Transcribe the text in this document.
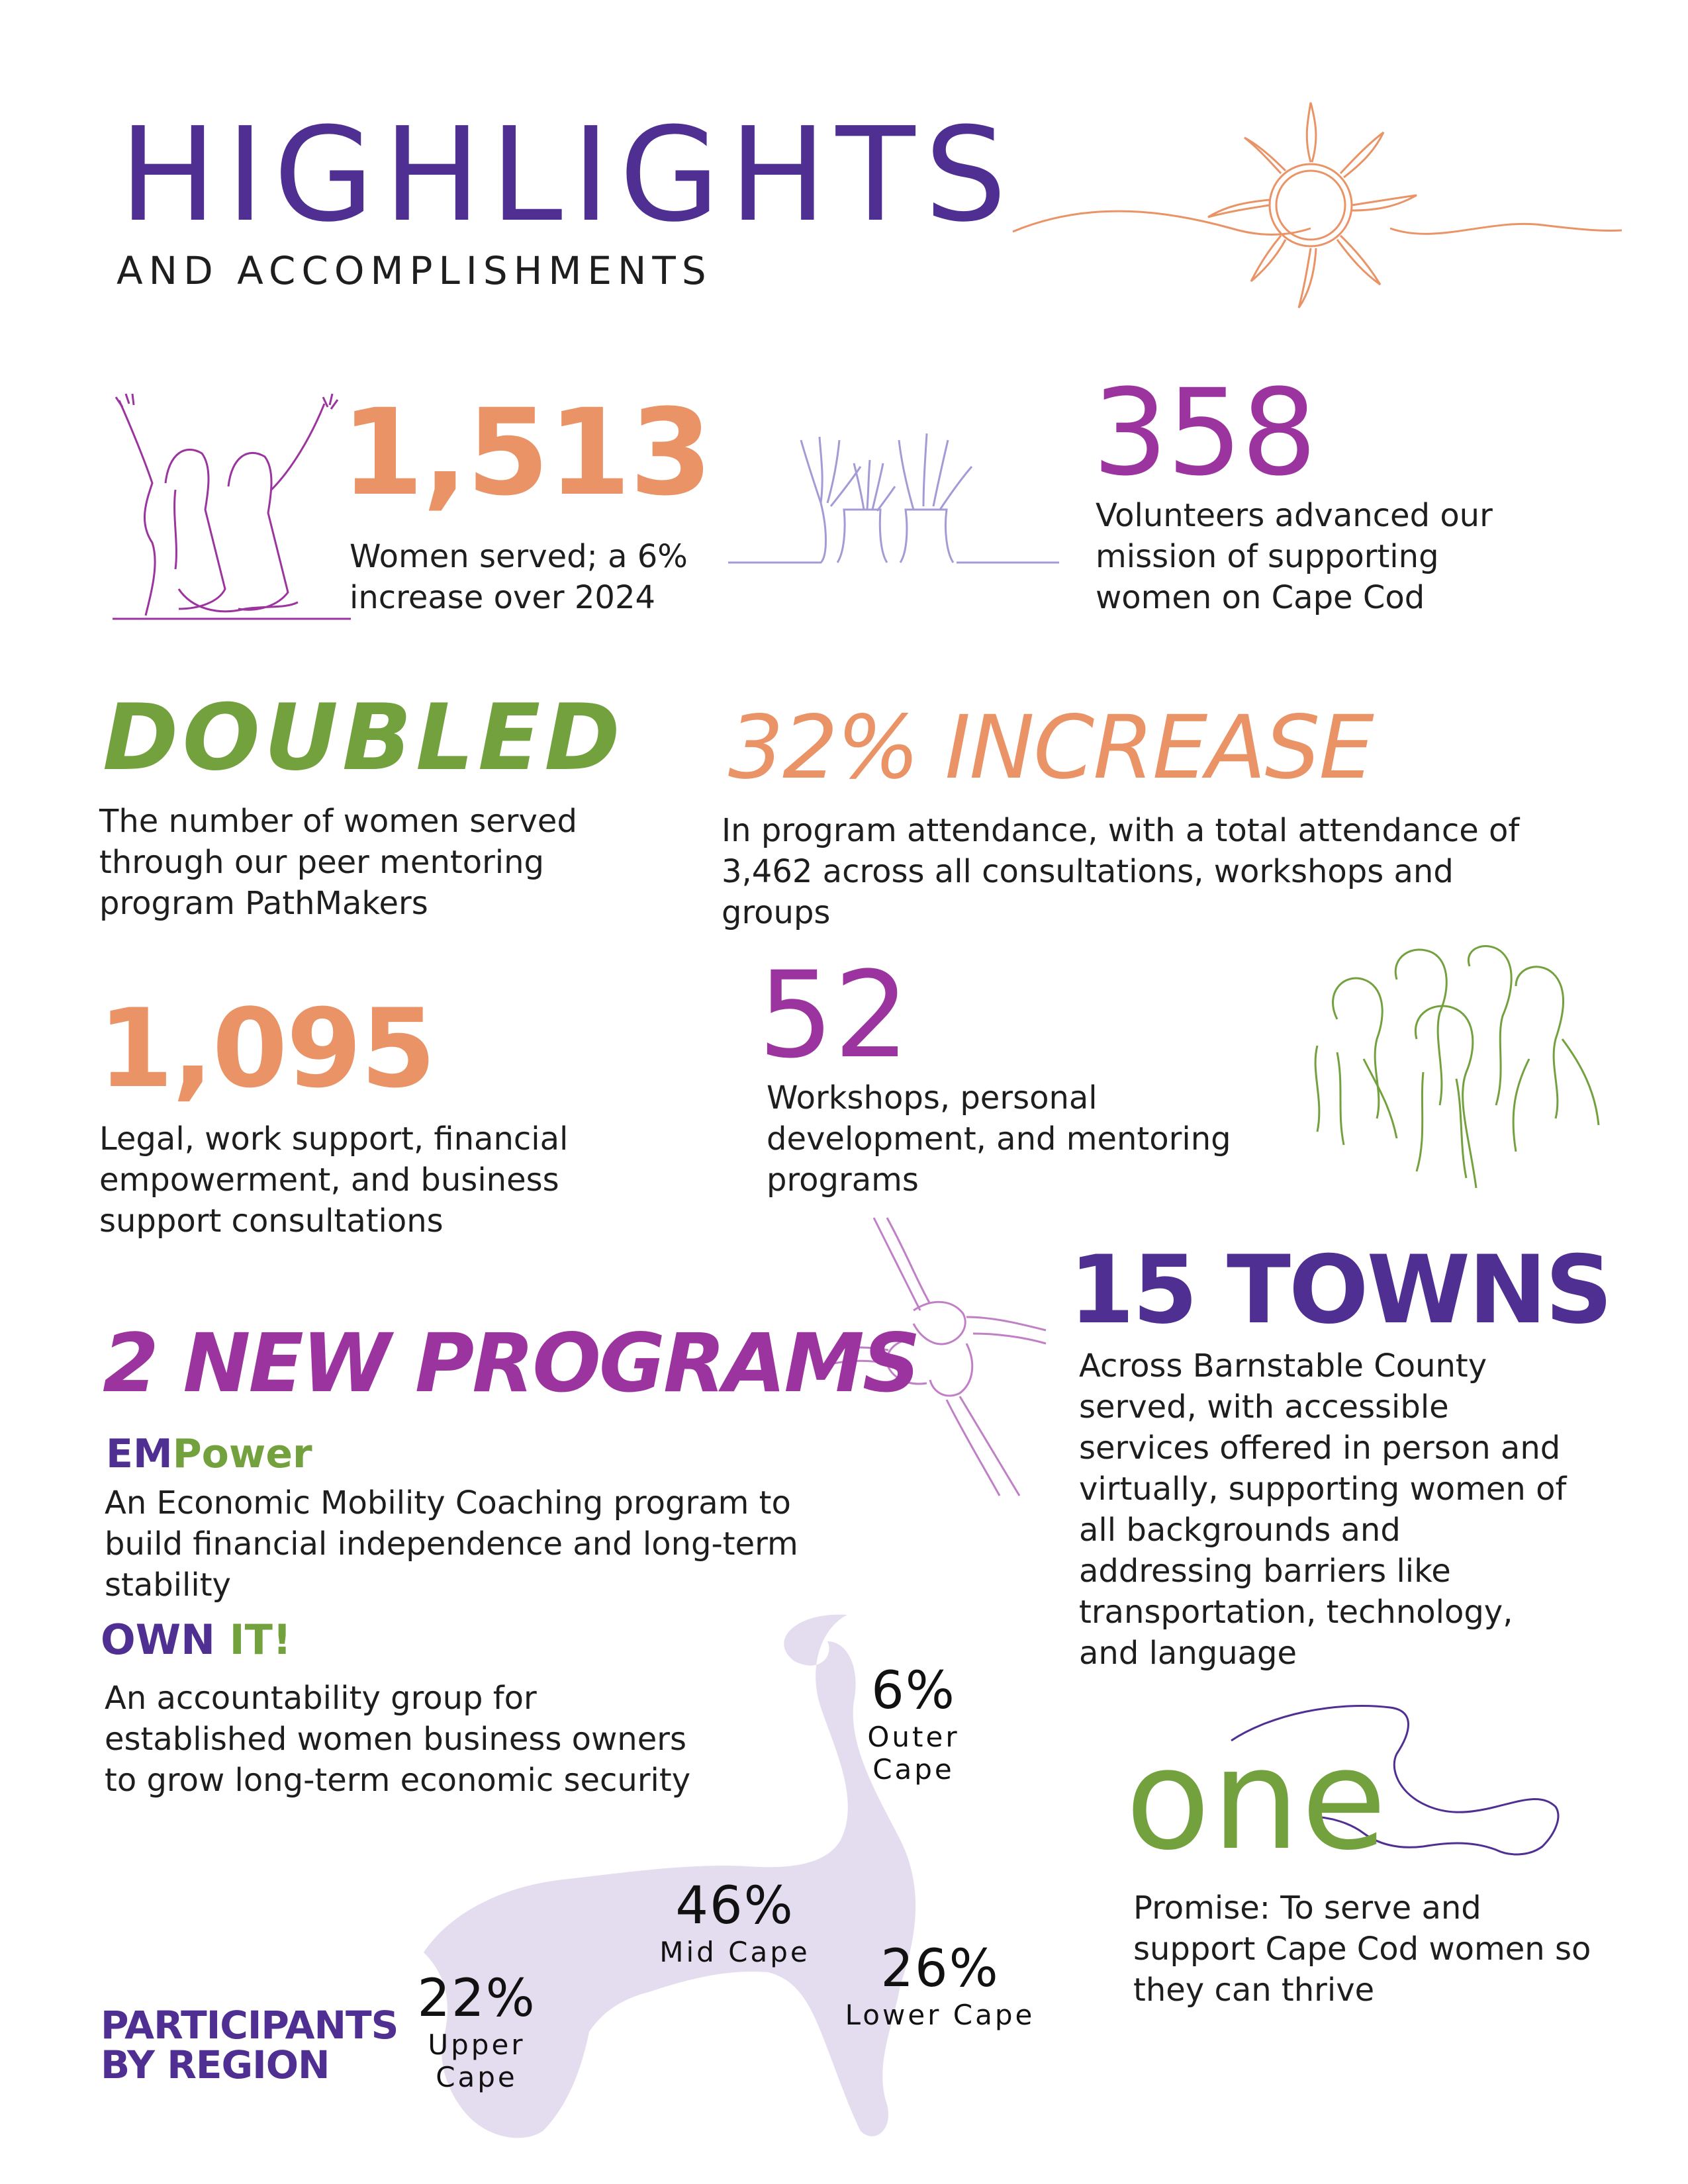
HIGHLIGHTS
AND ACCOMPLISHMENTS
1,513
Women served; a 6% increase over 2024
358
Volunteers advanced our mission of supporting women on Cape Cod
DOUBLED
The number of women served through our peer mentoring program PathMakers
32% INCREASE
In program attendance, with a total attendance of 3,462 across all consultations, workshops and groups
1,095
Legal, work support, financial empowerment, and business support consultations
52
Workshops, personal development, and mentoring programs
15 TOWNS
Across Barnstable County served, with accessible services offered in person and virtually, supporting women of all backgrounds and addressing barriers like transportation, technology, and language
2 NEW PROGRAMS
EMPower
An Economic Mobility Coaching program to build financial independence and long-term stability
OWN IT!
An accountability group for established women business owners to grow long-term economic security
6%
Outer Cape
46%
Mid Cape	26%
Lower Cape
22%
Upper Cape
PARTICIPANTS
BY REGION
one
Promise: To serve and support Cape Cod women so they can thrive
